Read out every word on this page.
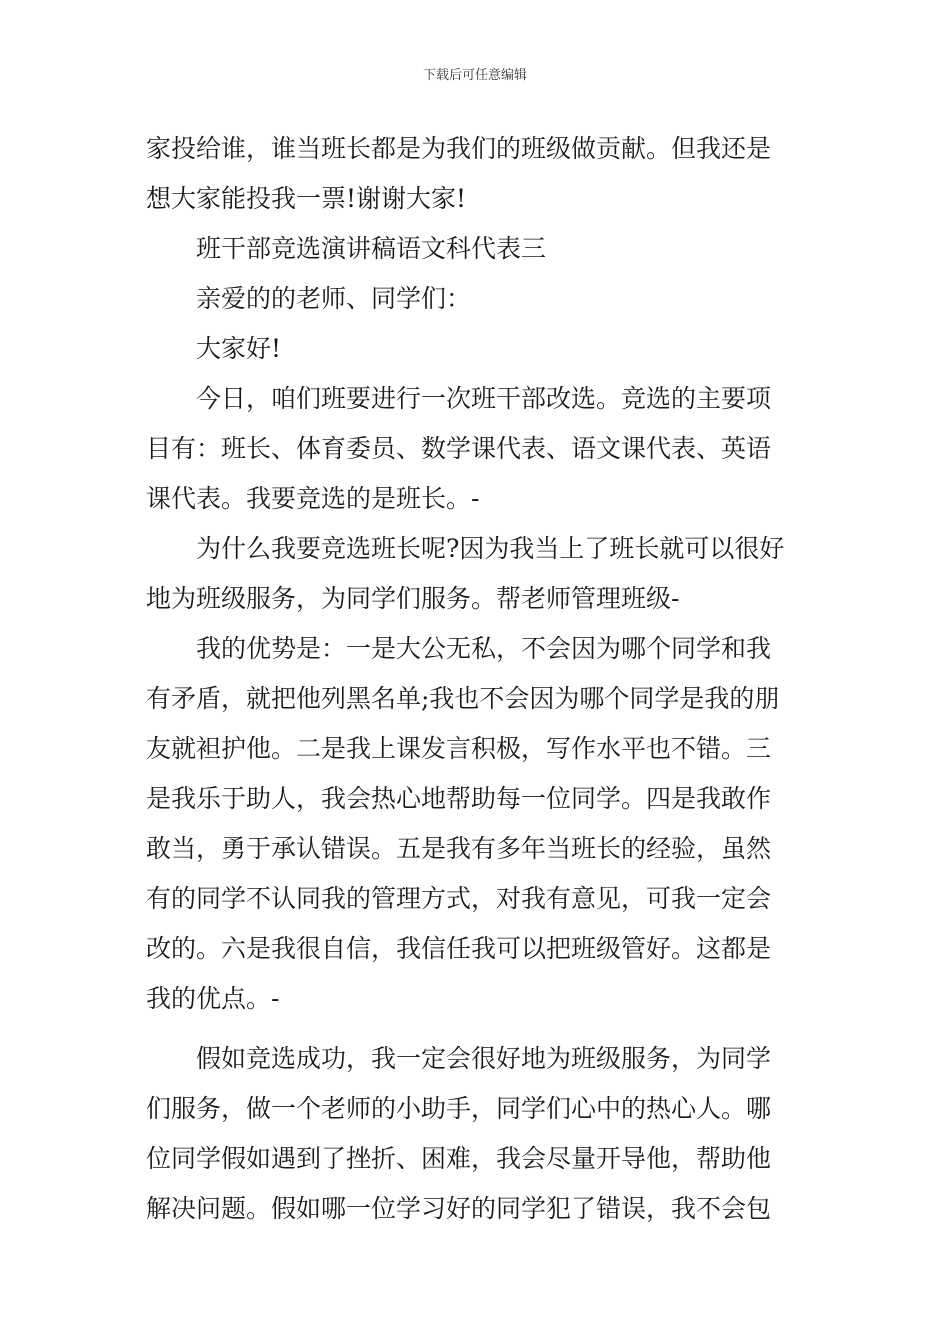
下载后可任意编辑
家投给谁，谁当班长都是为我们的班级做贡献。但我还是
想大家能投我一票!谢谢大家!
班干部竞选演讲稿语文科代表三
亲爱的的老师、同学们：
大家好!
今日，咱们班要进行一次班干部改选。竞选的主要项
目有：班长、体育委员、数学课代表、语文课代表、英语
课代表。我要竞选的是班长。-
为什么我要竞选班长呢?因为我当上了班长就可以很好
地为班级服务，为同学们服务。帮老师管理班级-
我的优势是：一是大公无私，不会因为哪个同学和我
有矛盾，就把他列黑名单;我也不会因为哪个同学是我的朋
友就袒护他。二是我上课发言积极，写作水平也不错。三
是我乐于助人，我会热心地帮助每一位同学。四是我敢作
敢当，勇于承认错误。五是我有多年当班长的经验，虽然
有的同学不认同我的管理方式，对我有意见，可我一定会
改的。六是我很自信，我信任我可以把班级管好。这都是
我的优点。-
假如竞选成功，我一定会很好地为班级服务，为同学
们服务，做一个老师的小助手，同学们心中的热心人。哪
位同学假如遇到了挫折、困难，我会尽量开导他，帮助他
解决问题。假如哪一位学习好的同学犯了错误，我不会包
